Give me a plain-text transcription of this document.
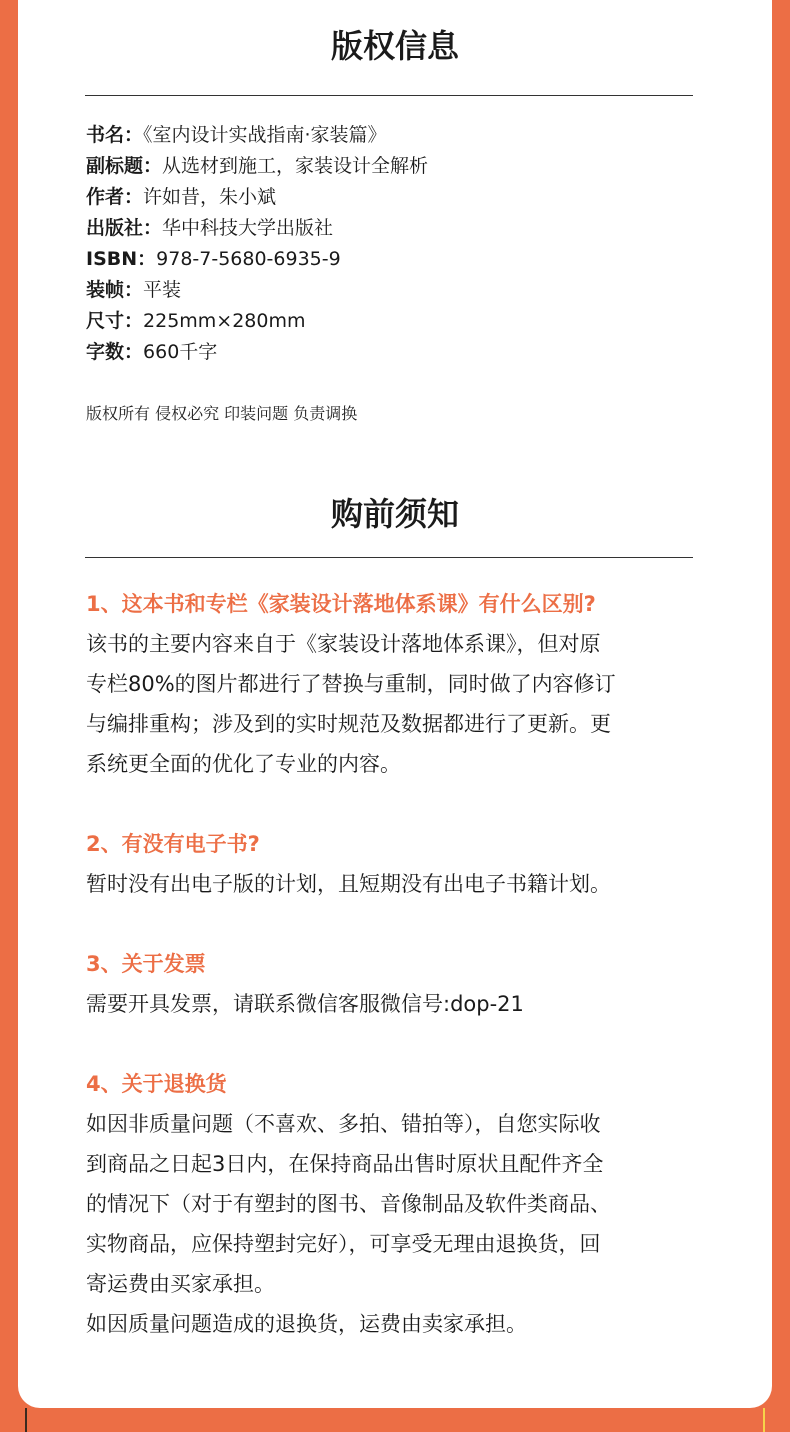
版权信息
书名：《室内设计实战指南·家装篇》
副标题：从选材到施工，家装设计全解析
作者：许如昔，朱小斌
出版社：华中科技大学出版社
ISBN：978-7-5680-6935-9
装帧：平装
尺寸：225mm×280mm
字数：660千字
版权所有 侵权必究 印装问题 负责调换
购前须知

1、这本书和专栏《家装设计落地体系课》有什么区别?

该书的主要内容来自于《家装设计落地体系课》，但对原

专栏80%的图片都进行了替换与重制，同时做了内容修订

与编排重构；涉及到的实时规范及数据都进行了更新。更

系统更全面的优化了专业的内容。

2、有没有电子书?

暂时没有出电子版的计划，且短期没有出电子书籍计划。

3、关于发票

需要开具发票，请联系微信客服微信号:dop-21

4、关于退换货

如因非质量问题（不喜欢、多拍、错拍等），自您实际收

到商品之日起3日内，在保持商品出售时原状且配件齐全

的情况下（对于有塑封的图书、音像制品及软件类商品、

实物商品，应保持塑封完好），可享受无理由退换货，回

寄运费由买家承担。

如因质量问题造成的退换货，运费由卖家承担。
